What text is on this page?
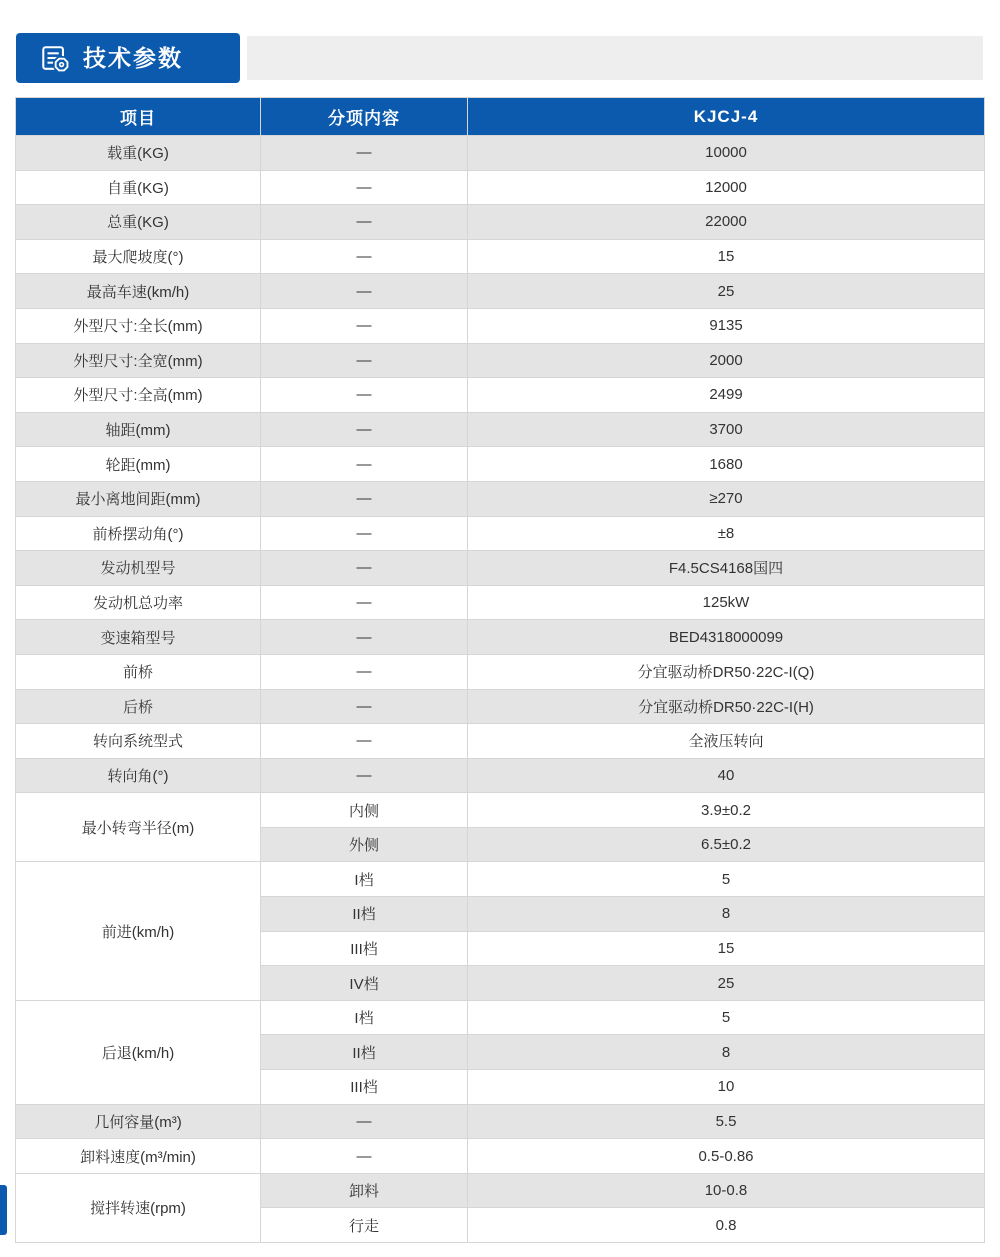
技术参数
项目	分项内容	KJCJ-4
载重(KG)	—	10000
自重(KG)	—	12000
总重(KG)	—	22000
最大爬坡度(°)	—	15
最高车速(km/h)	—	25
外型尺寸:全长(mm)	—	9135
外型尺寸:全宽(mm)	—	2000
外型尺寸:全高(mm)	—	2499
轴距(mm)	—	3700
轮距(mm)	—	1680
最小离地间距(mm)	—	≥270
前桥摆动角(°)	—	±8
发动机型号	—	F4.5CS4168国四
发动机总功率	—	125kW
变速箱型号	—	BED4318000099
前桥	—	分宜驱动桥DR50·22C-I(Q)
后桥	—	分宜驱动桥DR50·22C-I(H)
转向系统型式	—	全液压转向
转向角(°)	—	40
最小转弯半径(m)	内侧	3.9±0.2
	外侧	6.5±0.2
前进(km/h)	I档	5
	II档	8
	III档	15
	IV档	25
后退(km/h)	I档	5
	II档	8
	III档	10
几何容量(m³)	—	5.5
卸料速度(m³/min)	—	0.5-0.86
搅拌转速(rpm)	卸料	10-0.8
	行走	0.8
